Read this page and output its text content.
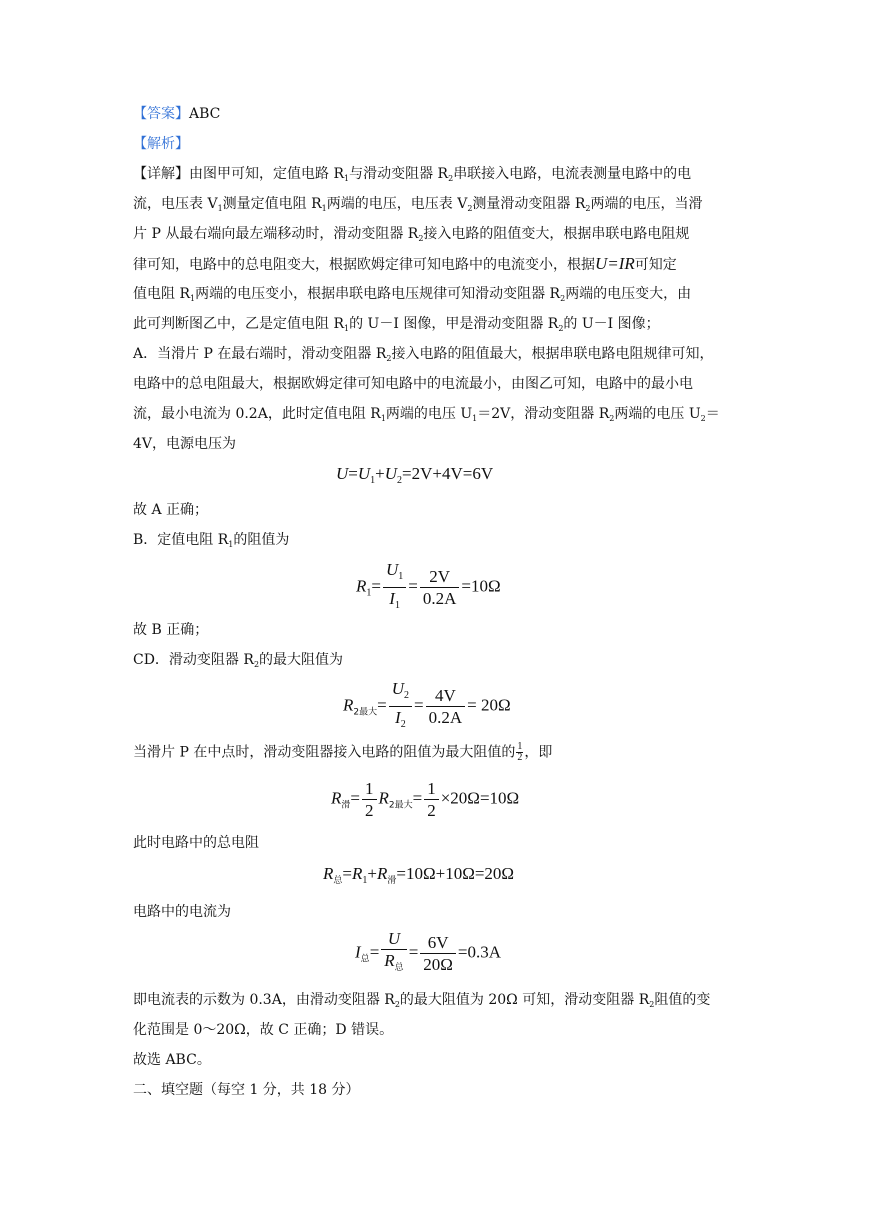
【答案】ABC
【解析】
【详解】由图甲可知，定值电路 $R_1$与滑动变阻器 $R_2$串联接入电路，电流表测量电路中的电
流，电压表 $V_1$测量定值电阻 $R_1$两端的电压，电压表 $V_2$测量滑动变阻器 $R_2$两端的电压，当滑
片 P 从最右端向最左端移动时，滑动变阻器 $R_2$接入电路的阻值变大，根据串联电路电阻规
律可知，电路中的总电阻变大，根据欧姆定律可知电路中的电流变小，根据U=IR可知定
值电阻 $R_1$两端的电压变小，根据串联电路电压规律可知滑动变阻器 $R_2$两端的电压变大，由
此可判断图乙中，乙是定值电阻 $R_1$的 U－I 图像，甲是滑动变阻器 $R_2$的 U－I 图像；
A．当滑片 P 在最右端时，滑动变阻器 $R_2$接入电路的阻值最大，根据串联电路电阻规律可知，
电路中的总电阻最大，根据欧姆定律可知电路中的电流最小，由图乙可知，电路中的最小电
流，最小电流为 0.2A，此时定值电阻 $R_1$两端的电压 $U_1=2V$，滑动变阻器 $R_2$两端的电压 $U_2=$
4V，电源电压为
$U=U_1+U_2=2V+4V=6V$
故 A 正确；
B．定值电阻 $R_1$的阻值为
$R_1= \frac{U_1}{I_1} = \frac{2V}{0.2A} =10\Omega$
故 B 正确；
CD．滑动变阻器 $R_2$的最大阻值为
$R_{2最大}= \frac{U_2}{I_2} = \frac{4V}{0.2A} = 20\Omega$
当滑片 P 在中点时，滑动变阻器接入电路的阻值为最大阻值的 $\frac{1}{2}$ ，即
$R_滑= \frac{1}{2} R_{2最大}= \frac{1}{2} \times 20\Omega=10\Omega$
此时电路中的总电阻
$R_总=R_1+R_滑=10\Omega+10\Omega=20\Omega$
电路中的电流为
$I_总= \frac{U}{R_总} = \frac{6V}{20\Omega} =0.3A$
即电流表的示数为 0.3A，由滑动变阻器 $R_2$的最大阻值为 20Ω 可知，滑动变阻器 $R_2$阻值的变
化范围是 0～20Ω，故 C 正确；D 错误。
故选 ABC。
二、填空题（每空 1 分，共 18 分）
